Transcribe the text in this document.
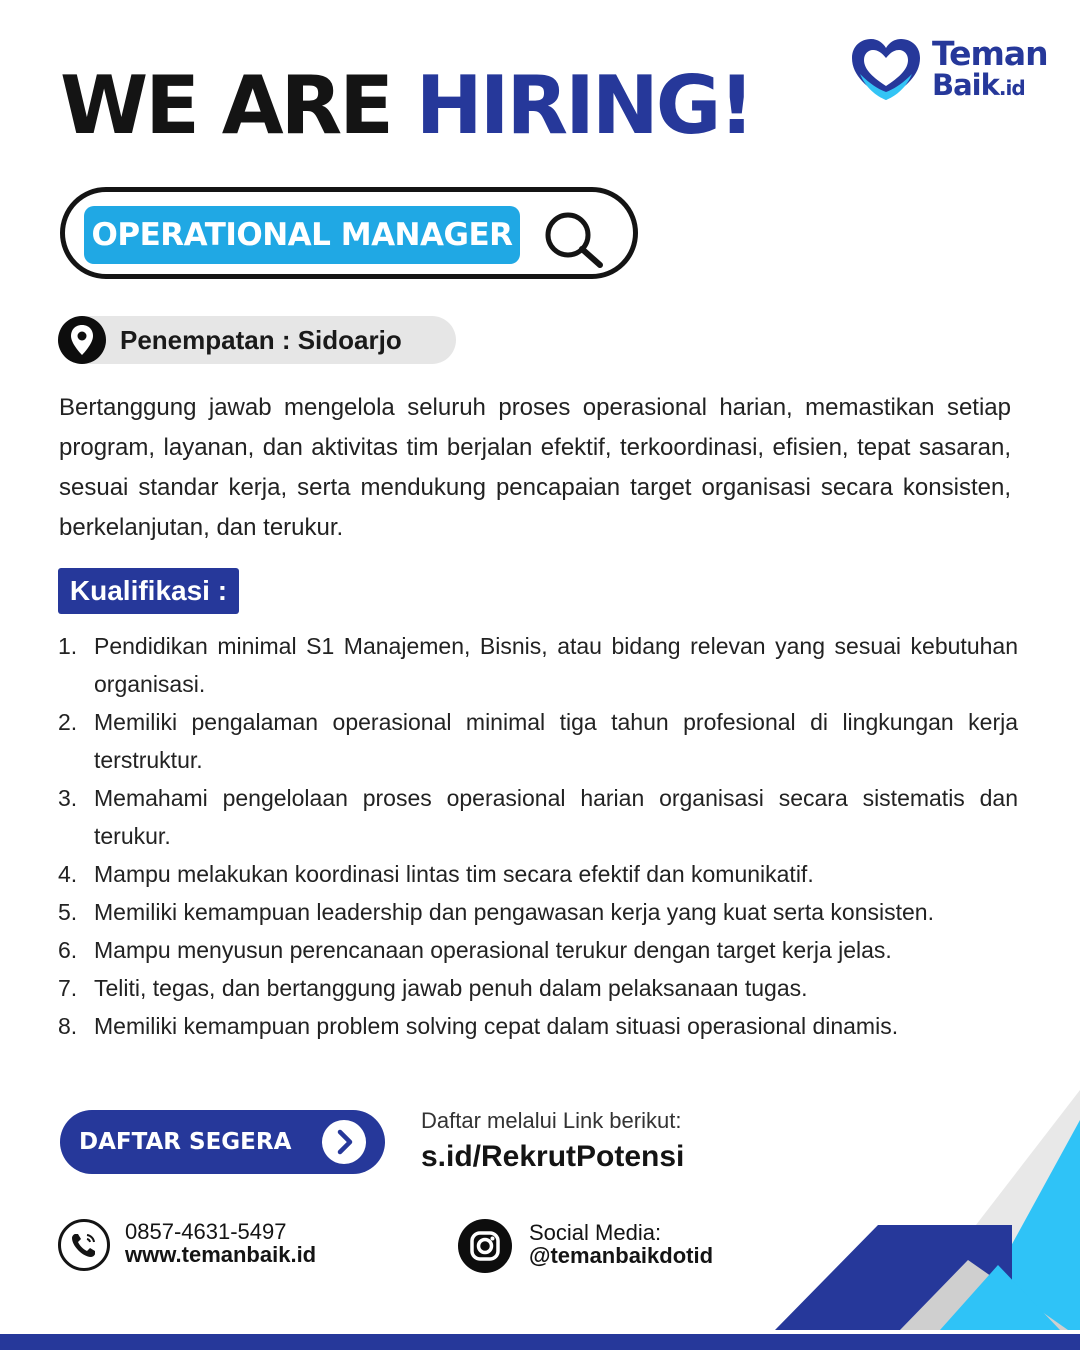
WE ARE HIRING!
Teman
Baik.id
OPERATIONAL MANAGER
Penempatan : Sidoarjo
Bertanggung jawab mengelola seluruh proses operasional harian, memastikan setiap program, layanan, dan aktivitas tim berjalan efektif, terkoordinasi, efisien, tepat sasaran, sesuai standar kerja, serta mendukung pencapaian target organisasi secara konsisten, berkelanjutan, dan terukur.
Kualifikasi :
1. Pendidikan minimal S1 Manajemen, Bisnis, atau bidang relevan yang sesuai kebutuhan organisasi.
2. Memiliki pengalaman operasional minimal tiga tahun profesional di lingkungan kerja terstruktur.
3. Memahami pengelolaan proses operasional harian organisasi secara sistematis dan terukur.
4. Mampu melakukan koordinasi lintas tim secara efektif dan komunikatif.
5. Memiliki kemampuan leadership dan pengawasan kerja yang kuat serta konsisten.
6. Mampu menyusun perencanaan operasional terukur dengan target kerja jelas.
7. Teliti, tegas, dan bertanggung jawab penuh dalam pelaksanaan tugas.
8. Memiliki kemampuan problem solving cepat dalam situasi operasional dinamis.
DAFTAR SEGERA
Daftar melalui Link berikut:
s.id/RekrutPotensi
0857-4631-5497
www.temanbaik.id
Social Media:
@temanbaikdotid
